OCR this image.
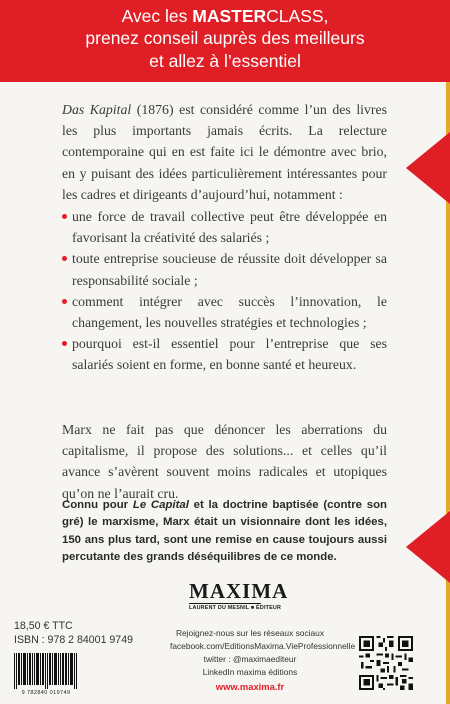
Avec les MASTERCLASS,
prenez conseil auprès des meilleurs
et allez à l’essentiel
Das Kapital (1876) est considéré comme l’un des livres les plus importants jamais écrits. La relecture contemporaine qui en est faite ici le démontre avec brio, en y puisant des idées particulièrement intéressantes pour les cadres et dirigeants d’aujourd’hui, notamment :
une force de travail collective peut être développée en favorisant la créativité des salariés ;
toute entreprise soucieuse de réussite doit développer sa responsabilité sociale ;
comment intégrer avec succès l’innovation, le changement, les nouvelles stratégies et technologies ;
pourquoi est-il essentiel pour l’entreprise que ses salariés soient en forme, en bonne santé et heureux.
Marx ne fait pas que dénoncer les aberrations du capitalisme, il propose des solutions... et celles qu’il avance s’avèrent souvent moins radicales et utopiques qu’on ne l’aurait cru.
Connu pour Le Capital et la doctrine baptisée (contre son gré) le marxisme, Marx était un visionnaire dont les idées, 150 ans plus tard, sont une remise en cause toujours aussi percutante des grands déséquilibres de ce monde.
MAXIMA
LAURENT DU MESNIL ■ ÉDITEUR
18,50 € TTC
ISBN : 978 2 84001 9749
9 782840 019749
Rejoignez-nous sur les réseaux sociaux
facebook.com/EditionsMaxima.VieProfessionnelle
twitter : @maximaediteur
LinkedIn maxima éditions
www.maxima.fr
